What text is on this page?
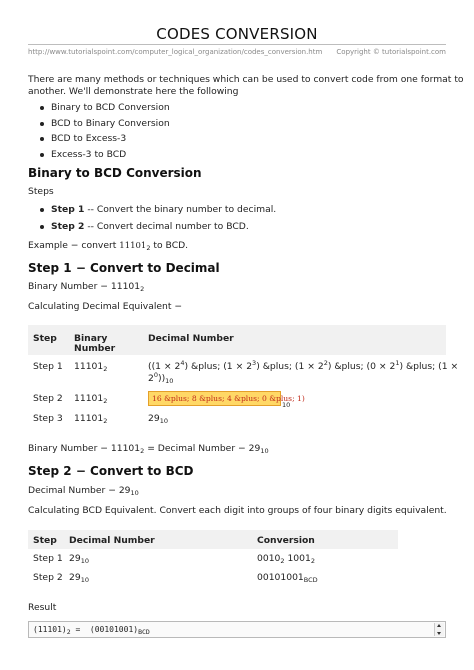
CODES CONVERSION
http://www.tutorialspoint.com/computer_logical_organization/codes_conversion.htm Copyright © tutorialspoint.com
There are many methods or techniques which can be used to convert code from one format to
another. We'll demonstrate here the following
Binary to BCD Conversion
BCD to Binary Conversion
BCD to Excess-3
Excess-3 to BCD
Binary to BCD Conversion
Steps
Step 1 -- Convert the binary number to decimal.
Step 2 -- Convert decimal number to BCD.
Example − convert $11101_2$ to BCD.
Step 1 − Convert to Decimal
Binary Number − $11101_2$
Calculating Decimal Equivalent −
Step Binary
Number
Decimal Number
Step 1 $11101_2$	($(1 \times 2^4)$ &plus; $(1 \times 2^3)$ &plus; $(1 \times 2^2)$ &plus; $(0 \times 2^1)$ &plus; (1 ×
$2^0))_{10}$
Step 2 $11101_2$	16 &plus; 8 &plus; 4 &plus; 0 &plus; 1)
$_{10}$
Step 3 $11101_2$	$29_{10}$
Binary Number − $11101_2$ = Decimal Number − $29_{10}$
Step 2 − Convert to BCD
Decimal Number − $29_{10}$
Calculating BCD Equivalent. Convert each digit into groups of four binary digits equivalent.
Step Decimal Number	Conversion
Step 1 $29_{10}$	$0010_2$ $1001_2$
Step 2 $29_{10}$	$00101001_{BCD}$
Result
$(11101)_2 = (00101001)_{BCD}$
